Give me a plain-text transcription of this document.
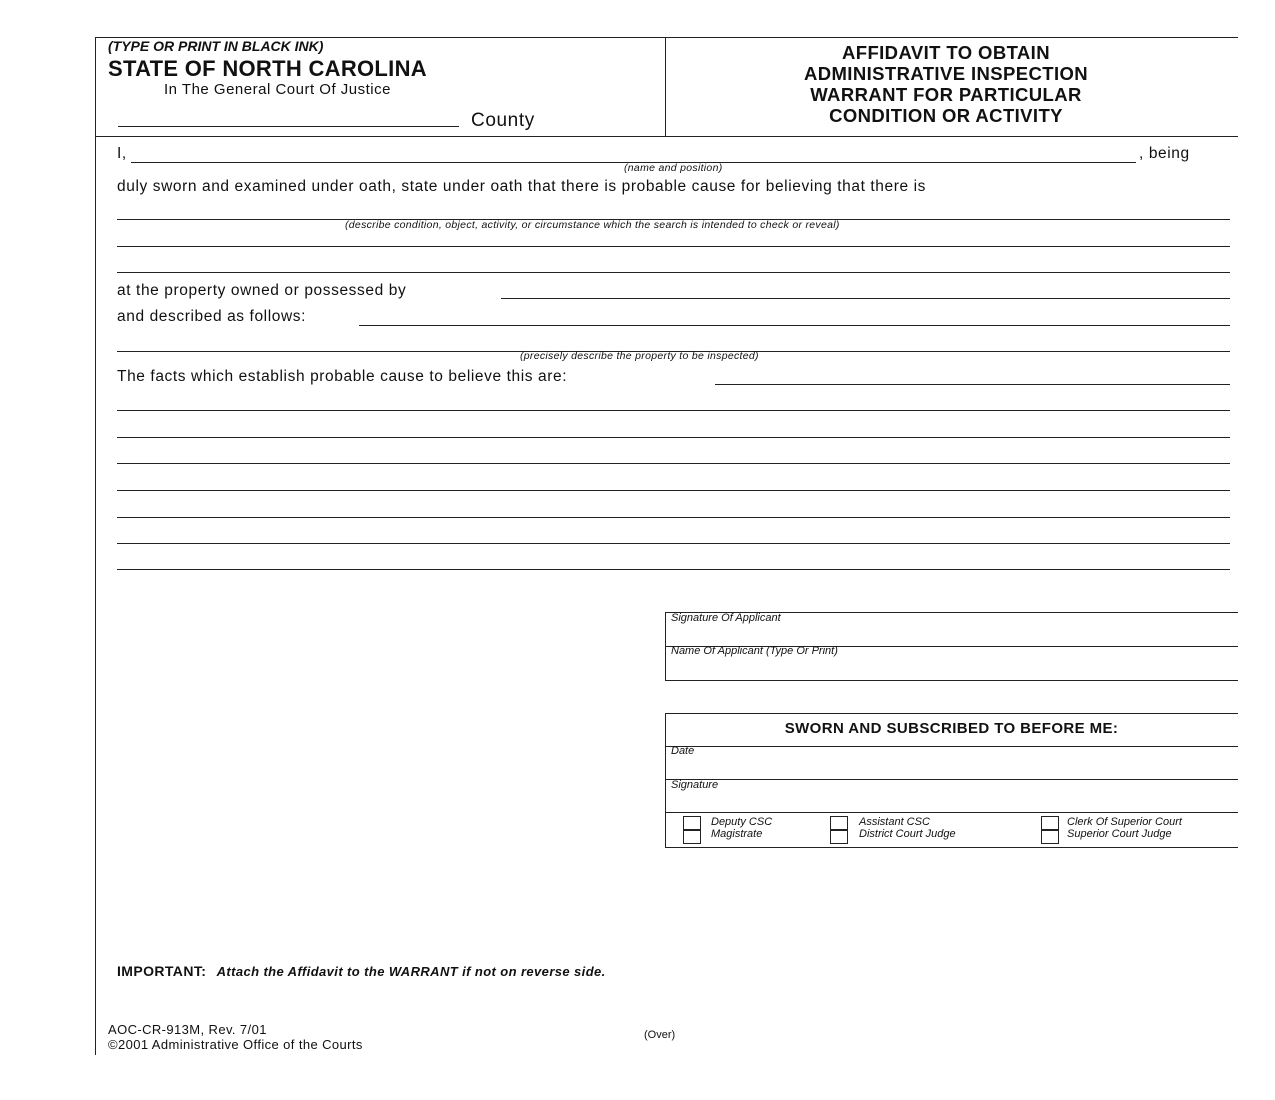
(TYPE OR PRINT IN BLACK INK)
STATE OF NORTH CAROLINA
In The General Court Of Justice
County
AFFIDAVIT TO OBTAIN
ADMINISTRATIVE INSPECTION
WARRANT FOR PARTICULAR
CONDITION OR ACTIVITY
I,	, being
(name and position)
duly sworn and examined under oath, state under oath that there is probable cause for believing that there is
(describe condition, object, activity, or circumstance which the search is intended to check or reveal)
at the property owned or possessed by
and described as follows:
(precisely describe the property to be inspected)
The facts which establish probable cause to believe this are:
Signature Of Applicant
Name Of Applicant (Type Or Print)
SWORN AND SUBSCRIBED TO BEFORE ME:
Date
Signature
Deputy CSC
Magistrate
Assistant CSC
District Court Judge
Clerk Of Superior Court
Superior Court Judge
IMPORTANT: Attach the Affidavit to the WARRANT if not on reverse side.
AOC-CR-913M, Rev. 7/01
©2001 Administrative Office of the Courts
(Over)
